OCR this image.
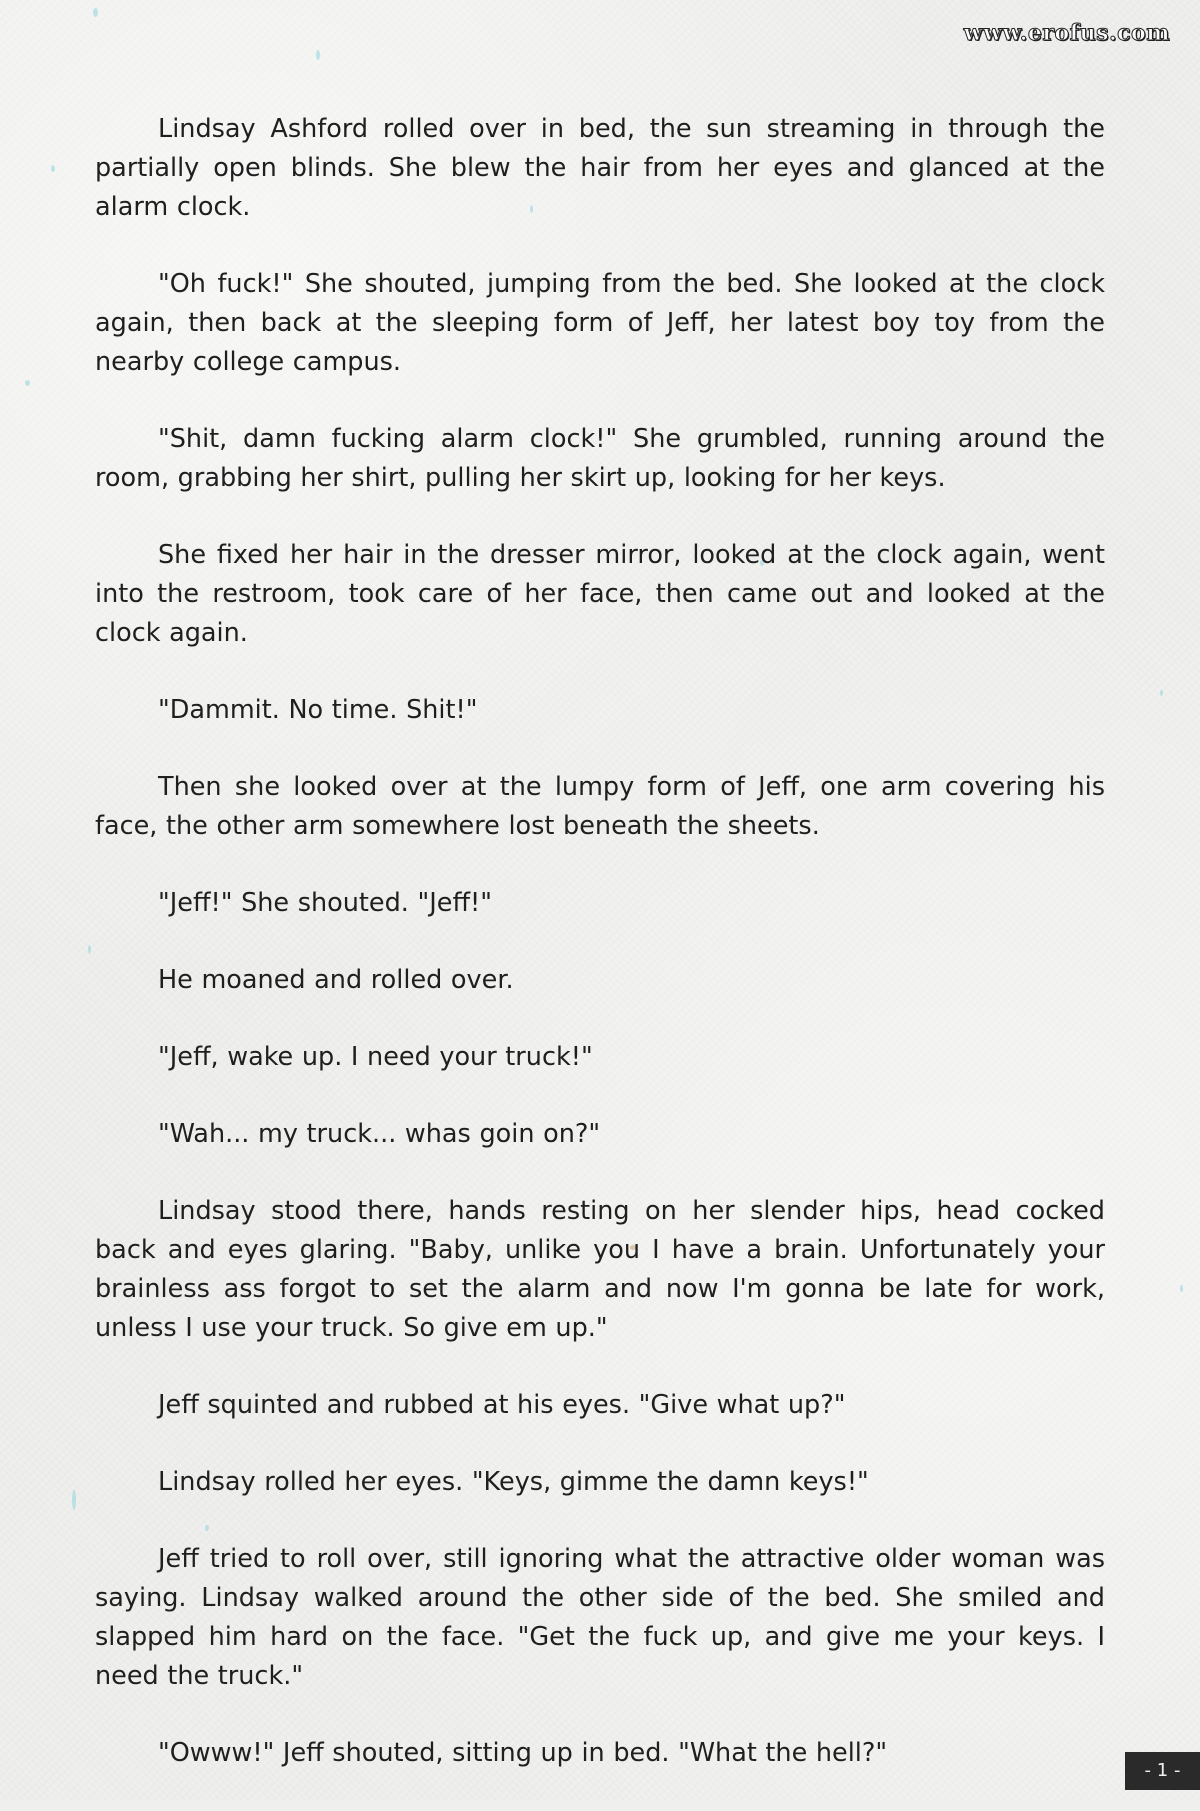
www.erofus.com

Lindsay Ashford rolled over in bed, the sun streaming in through the partially open blinds. She blew the hair from her eyes and glanced at the alarm clock.

"Oh fuck!" She shouted, jumping from the bed. She looked at the clock again, then back at the sleeping form of Jeff, her latest boy toy from the nearby college campus.

"Shit, damn fucking alarm clock!" She grumbled, running around the room, grabbing her shirt, pulling her skirt up, looking for her keys.

She fixed her hair in the dresser mirror, looked at the clock again, went into the restroom, took care of her face, then came out and looked at the clock again.

"Dammit. No time. Shit!"

Then she looked over at the lumpy form of Jeff, one arm covering his face, the other arm somewhere lost beneath the sheets.

"Jeff!" She shouted. "Jeff!"

He moaned and rolled over.

"Jeff, wake up. I need your truck!"

"Wah... my truck... whas goin on?"

Lindsay stood there, hands resting on her slender hips, head cocked back and eyes glaring. "Baby, unlike you I have a brain. Unfortunately your brainless ass forgot to set the alarm and now I'm gonna be late for work, unless I use your truck. So give em up."

Jeff squinted and rubbed at his eyes. "Give what up?"

Lindsay rolled her eyes. "Keys, gimme the damn keys!"

Jeff tried to roll over, still ignoring what the attractive older woman was saying. Lindsay walked around the other side of the bed. She smiled and slapped him hard on the face. "Get the fuck up, and give me your keys. I need the truck."

"Owww!" Jeff shouted, sitting up in bed. "What the hell?"

- 1 -
